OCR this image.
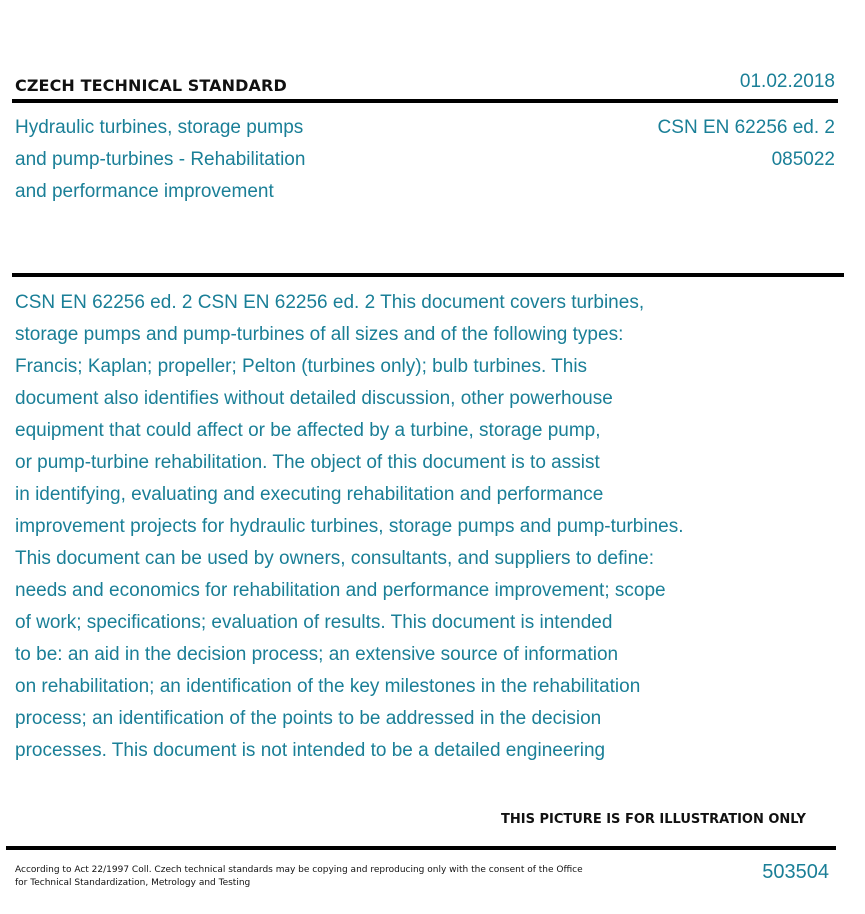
CZECH TECHNICAL STANDARD	01.02.2018
Hydraulic turbines, storage pumps
and pump-turbines - Rehabilitation
and performance improvement
CSN EN 62256 ed. 2
085022
CSN EN 62256 ed. 2 CSN EN 62256 ed. 2 This document covers turbines,
storage pumps and pump-turbines of all sizes and of the following types:
Francis; Kaplan; propeller; Pelton (turbines only); bulb turbines. This
document also identifies without detailed discussion, other powerhouse
equipment that could affect or be affected by a turbine, storage pump,
or pump-turbine rehabilitation. The object of this document is to assist
in identifying, evaluating and executing rehabilitation and performance
improvement projects for hydraulic turbines, storage pumps and pump-turbines.
This document can be used by owners, consultants, and suppliers to define:
needs and economics for rehabilitation and performance improvement; scope
of work; specifications; evaluation of results. This document is intended
to be: an aid in the decision process; an extensive source of information
on rehabilitation; an identification of the key milestones in the rehabilitation
process; an identification of the points to be addressed in the decision
processes. This document is not intended to be a detailed engineering
THIS PICTURE IS FOR ILLUSTRATION ONLY
According to Act 22/1997 Coll. Czech technical standards may be copying and reproducing only with the consent of the Office
for Technical Standardization, Metrology and Testing	503504
